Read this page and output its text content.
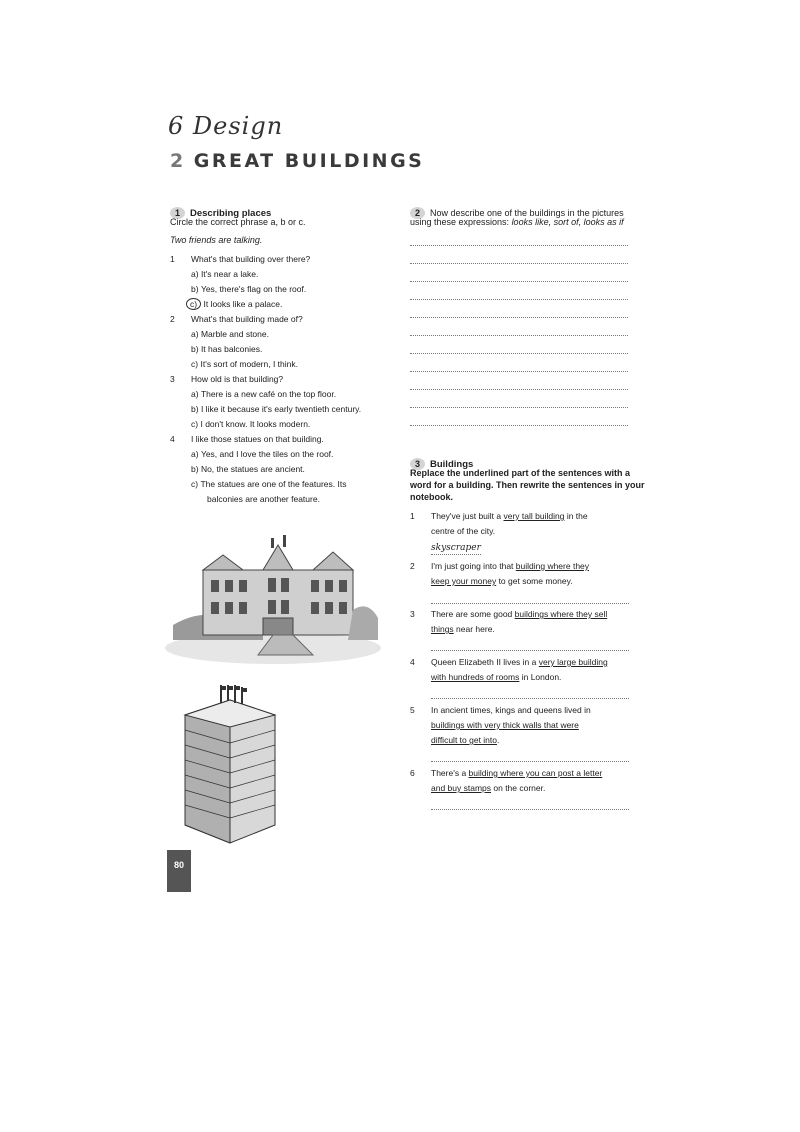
6 Design
2 GREAT BUILDINGS
1 Describing places
Circle the correct phrase a, b or c.
Two friends are talking.
1 What's that building over there?
a) It's near a lake.
b) Yes, there's flag on the roof.
c) It looks like a palace.
2 What's that building made of?
a) Marble and stone.
b) It has balconies.
c) It's sort of modern, I think.
3 How old is that building?
a) There is a new café on the top floor.
b) I like it because it's early twentieth century.
c) I don't know. It looks modern.
4 I like those statues on that building.
a) Yes, and I love the tiles on the roof.
b) No, the statues are ancient.
c) The statues are one of the features. Its
balconies are another feature.
80
2 Now describe one of the buildings in the pictures
using these expressions: looks like, sort of, looks as if
3 Buildings
Replace the underlined part of the sentences with a
word for a building. Then rewrite the sentences in your
notebook.
1 They've just built a very tall building in the
centre of the city.
skyscraper
2 I'm just going into that building where they
keep your money to get some money.
3 There are some good buildings where they sell
things near here.
4 Queen Elizabeth II lives in a very large building
with hundreds of rooms in London.
5 In ancient times, kings and queens lived in
buildings with very thick walls that were
difficult to get into.
6 There's a building where you can post a letter
and buy stamps on the corner.
